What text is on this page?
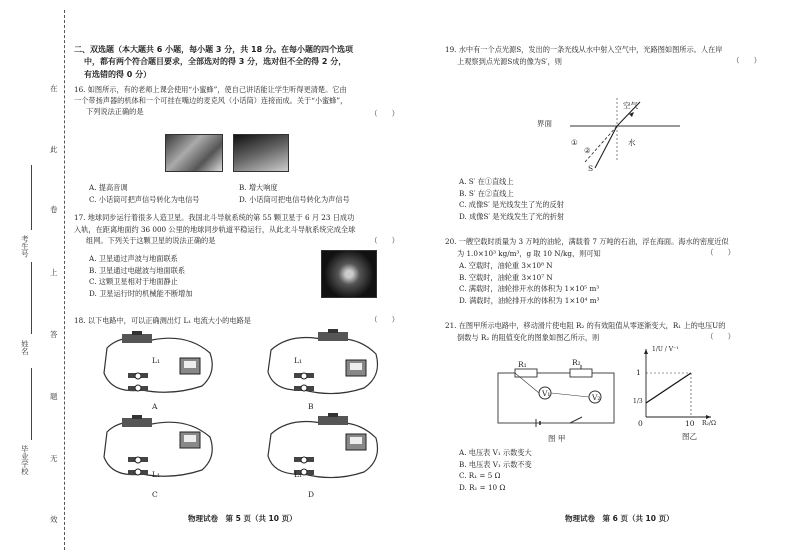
在
此
卷
上
答
题
无
效
考生号
姓名
毕业学校
二、双选题（本大题共 6 小题，每小题 3 分，共 18 分。在每小题的四个选项
中，都有两个符合题目要求，全部选对的得 3 分，选对但不全的得 2 分，
有选错的得 0 分）
16. 如图所示，有的老师上课会使用“小蜜蜂”，使自己讲话能让学生听得更清楚。它由
一个带扬声器的机体和一个可挂在嘴边的麦克风（小话筒）连接而成。关于“小蜜蜂”，
下列说法正确的是	（　　）
A. 提高音调	B. 增大响度
C. 小话筒可把声信号转化为电信号	D. 小话筒可把电信号转化为声信号
17. 地球同步运行着很多人造卫星。我国北斗导航系统的第 55 颗卫星于 6 月 23 日成功
入轨，在距离地面约 36 000 公里的地球同步轨道平稳运行，从此北斗导航系统完成全球
组网。下列关于这颗卫星的说法正确的是	（　　）
A. 卫星通过声波与地面联系
B. 卫星通过电磁波与地面联系
C. 这颗卫星相对于地面静止
D. 卫星运行时的机械能不断增加
18. 以下电路中，可以正确测出灯 L₁ 电流大小的电路是	（　　）
L₁
A
L₁
B
L₁
C
L₁
D
物理试卷　第 5 页（共 10 页）
19. 水中有一个点光源S，发出的一条光线从水中射入空气中，光路图如图所示。人在岸
上观察到点光源S成的像为S′，则	（　　）
界面
空气
水
①
②
S
A. S′ 在①直线上
B. S′ 在②直线上
C. 成像S′ 是光线发生了光的反射
D. 成像S′ 是光线发生了光的折射
20. 一艘空载时质量为 3 万吨的油轮，满载着 7 万吨的石油，浮在海面。海水的密度近似
为 1.0×10³ kg/m³，g 取 10 N/kg，则可知	（　　）
A. 空载时，油轮重 3×10⁸ N
B. 空载时，油轮重 3×10⁷ N
C. 满载时，油轮排开水的体积为 1×10⁵ m³
D. 满载时，油轮排开水的体积为 1×10⁴ m³
21. 在图甲所示电路中，移动滑片使电阻 R₂ 的有效阻值从零逐渐变大，R₁ 上的电压U的
倒数与 R₂ 的阻值变化的图象如图乙所示，则	（　　）
R₁	R₂
V₁	V₂
图 甲
1/U / V⁻¹
1
1/3
0	10 R₂/Ω
图乙
A. 电压表 V₁ 示数变大
B. 电压表 V₁ 示数不变
C. R₁ = 5 Ω
D. R₁ = 10 Ω
物理试卷　第 6 页（共 10 页）
